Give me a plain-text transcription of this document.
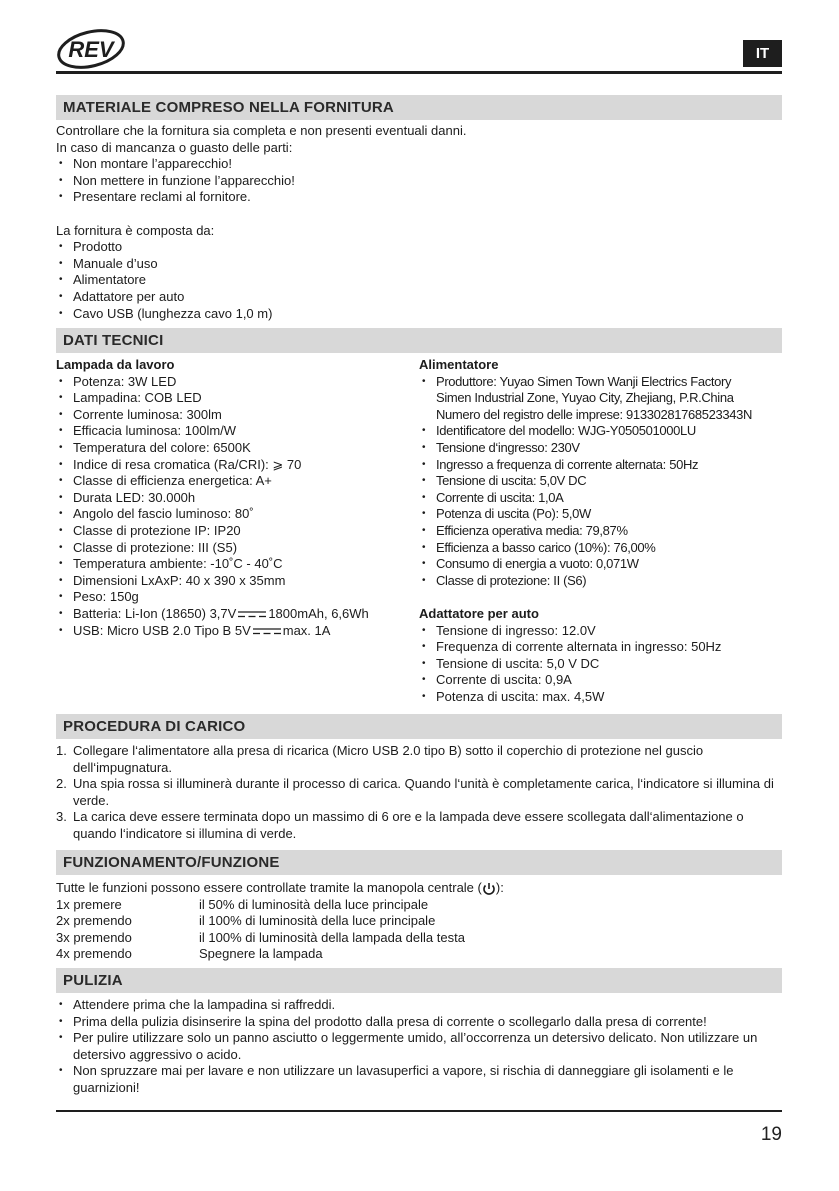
REV	IT
MATERIALE COMPRESO NELLA FORNITURA
Controllare che la fornitura sia completa e non presenti eventuali danni.
In caso di mancanza o guasto delle parti:
• Non montare l’apparecchio!
• Non mettere in funzione l’apparecchio!
• Presentare reclami al fornitore.
La fornitura è composta da:
• Prodotto
• Manuale d’uso
• Alimentatore
• Adattatore per auto
• Cavo USB (lunghezza cavo 1,0 m)
DATI TECNICI
Lampada da lavoro
• Potenza: 3W LED
• Lampadina: COB LED
• Corrente luminosa: 300lm
• Efficacia luminosa: 100lm/W
• Temperatura del colore: 6500K
• Indice di resa cromatica (Ra/CRI): ⩾ 70
• Classe di efficienza energetica: A+
• Durata LED: 30.000h
• Angolo del fascio luminoso: 80˚
• Classe di protezione IP: IP20
• Classe di protezione: III (S5)
• Temperatura ambiente: -10˚C - 40˚C
• Dimensioni LxAxP: 40 x 390 x 35mm
• Peso: 150g
• Batteria: Li-Ion (18650) 3,7V 1800mAh, 6,6Wh
• USB: Micro USB 2.0 Tipo B 5V max. 1A
Alimentatore
• Produttore: Yuyao Simen Town Wanji Electrics Factory
Simen Industrial Zone, Yuyao City, Zhejiang, P.R.China
Numero del registro delle imprese: 91330281768523343N
• Identificatore del modello: WJG-Y050501000LU
• Tensione d‘ingresso: 230V
• Ingresso a frequenza di corrente alternata: 50Hz
• Tensione di uscita: 5,0V DC
• Corrente di uscita: 1,0A
• Potenza di uscita (Po): 5,0W
• Efficienza operativa media: 79,87%
• Efficienza a basso carico (10%): 76,00%
• Consumo di energia a vuoto: 0,071W
• Classe di protezione: II (S6)
Adattatore per auto
• Tensione di ingresso: 12.0V
• Frequenza di corrente alternata in ingresso: 50Hz
• Tensione di uscita: 5,0 V DC
• Corrente di uscita: 0,9A
• Potenza di uscita: max. 4,5W
PROCEDURA DI CARICO
1. Collegare l‘alimentatore alla presa di ricarica (Micro USB 2.0 tipo B) sotto il coperchio di protezione nel guscio dell‘impugnatura.
2. Una spia rossa si illuminerà durante il processo di carica. Quando l‘unità è completamente carica, l‘indicatore si illumina di verde.
3. La carica deve essere terminata dopo un massimo di 6 ore e la lampada deve essere scollegata dall‘alimentazione o quando l‘indicatore si illumina di verde.
FUNZIONAMENTO/FUNZIONE
Tutte le funzioni possono essere controllate tramite la manopola centrale ( ):
1x premere	il 50% di luminosità della luce principale
2x premendo	il 100% di luminosità della luce principale
3x premendo	il 100% di luminosità della lampada della testa
4x premendo	Spegnere la lampada
PULIZIA
• Attendere prima che la lampadina si raffreddi.
• Prima della pulizia disinserire la spina del prodotto dalla presa di corrente o scollegarlo dalla presa di corrente!
• Per pulire utilizzare solo un panno asciutto o leggermente umido, all’occorrenza un detersivo delicato. Non utilizzare un detersivo aggressivo o acido.
• Non spruzzare mai per lavare e non utilizzare un lavasuperfici a vapore, si rischia di danneggiare gli isolamenti e le guarnizioni!
19
